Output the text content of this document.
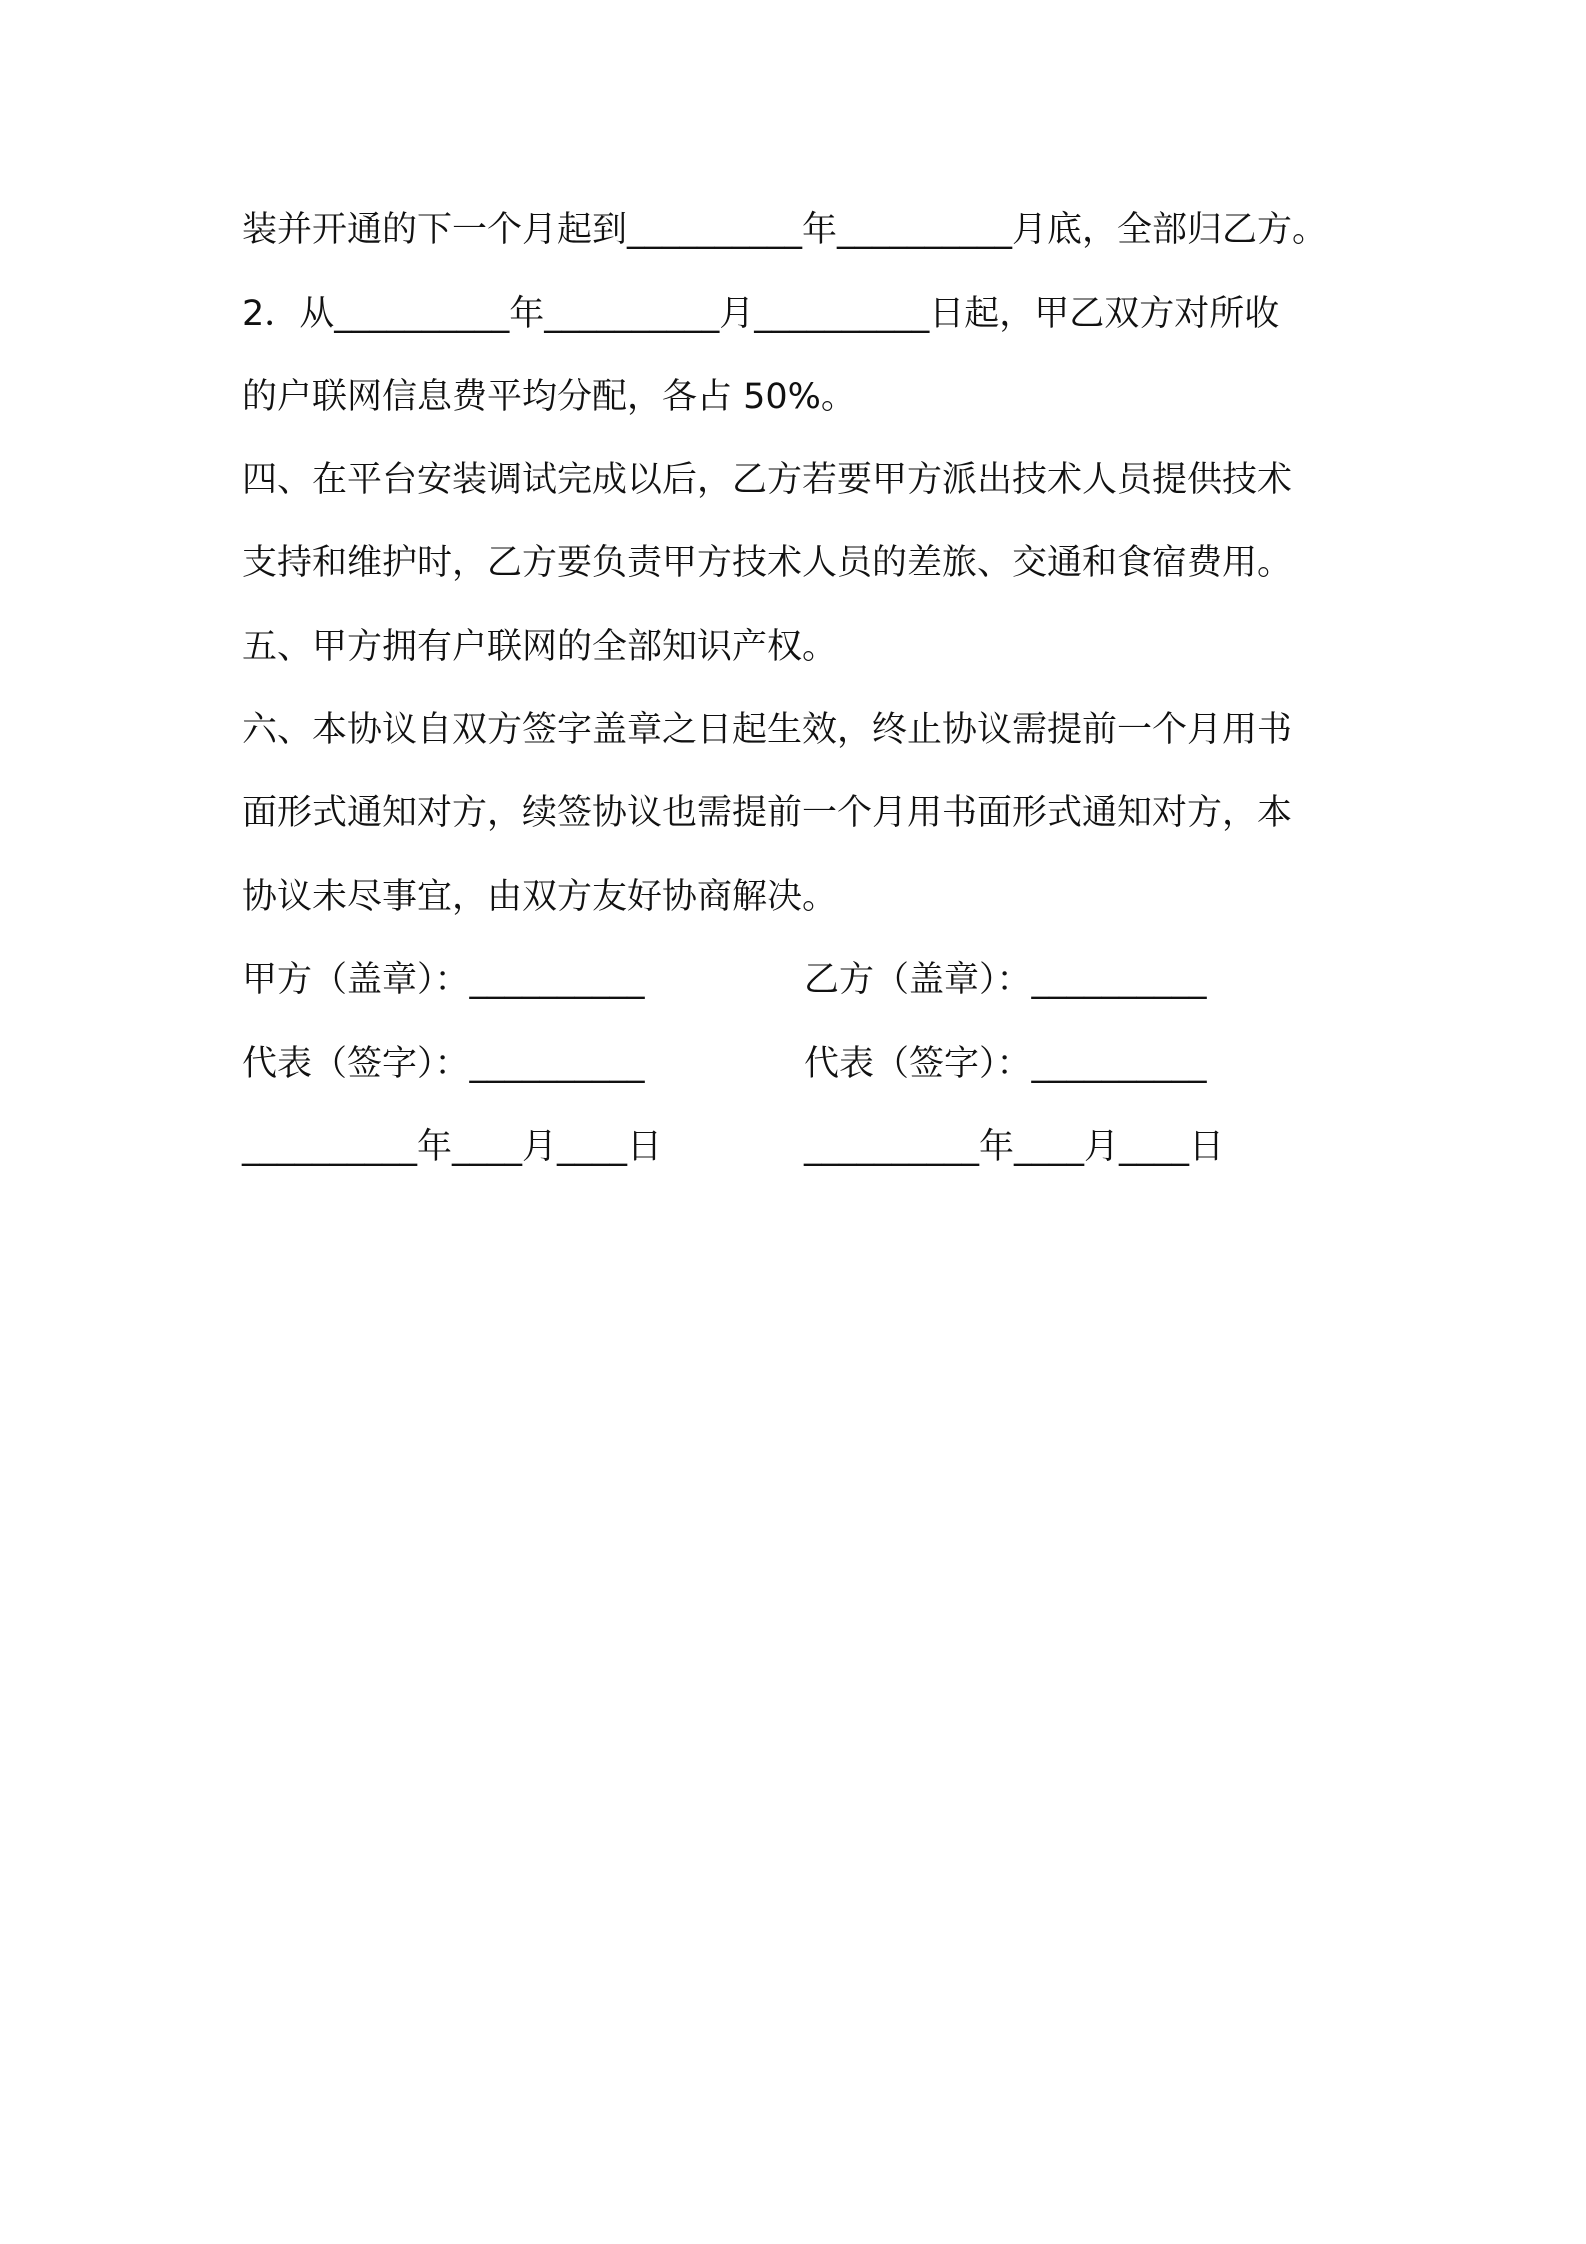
装并开通的下一个月起到__________年__________月底，全部归乙方。
2．从__________年__________月__________日起，甲乙双方对所收
的户联网信息费平均分配，各占 50%。
四、在平台安装调试完成以后，乙方若要甲方派出技术人员提供技术
支持和维护时，乙方要负责甲方技术人员的差旅、交通和食宿费用。
五、甲方拥有户联网的全部知识产权。
六、本协议自双方签字盖章之日起生效，终止协议需提前一个月用书
面形式通知对方，续签协议也需提前一个月用书面形式通知对方，本
协议未尽事宜，由双方友好协商解决。
甲方（盖章）：__________	乙方（盖章）：__________
代表（签字）：__________	代表（签字）：__________
__________年____月____日	__________年____月____日
